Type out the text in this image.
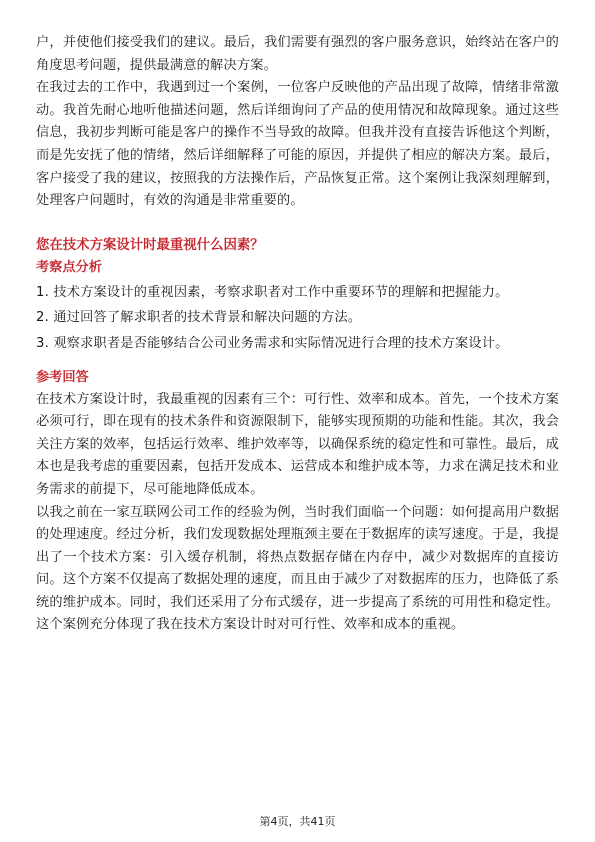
户，并使他们接受我们的建议。最后，我们需要有强烈的客户服务意识，始终站在客户的角度思考问题，提供最满意的解决方案。

在我过去的工作中，我遇到过一个案例，一位客户反映他的产品出现了故障，情绪非常激动。我首先耐心地听他描述问题，然后详细询问了产品的使用情况和故障现象。通过这些信息，我初步判断可能是客户的操作不当导致的故障。但我并没有直接告诉他这个判断，而是先安抚了他的情绪，然后详细解释了可能的原因，并提供了相应的解决方案。最后，客户接受了我的建议，按照我的方法操作后，产品恢复正常。这个案例让我深刻理解到，处理客户问题时，有效的沟通是非常重要的。

您在技术方案设计时最重视什么因素？

考察点分析

1. 技术方案设计的重视因素，考察求职者对工作中重要环节的理解和把握能力。

2. 通过回答了解求职者的技术背景和解决问题的方法。

3. 观察求职者是否能够结合公司业务需求和实际情况进行合理的技术方案设计。

参考回答

在技术方案设计时，我最重视的因素有三个：可行性、效率和成本。首先，一个技术方案必须可行，即在现有的技术条件和资源限制下，能够实现预期的功能和性能。其次，我会关注方案的效率，包括运行效率、维护效率等，以确保系统的稳定性和可靠性。最后，成本也是我考虑的重要因素，包括开发成本、运营成本和维护成本等，力求在满足技术和业务需求的前提下，尽可能地降低成本。

以我之前在一家互联网公司工作的经验为例，当时我们面临一个问题：如何提高用户数据的处理速度。经过分析，我们发现数据处理瓶颈主要在于数据库的读写速度。于是，我提出了一个技术方案：引入缓存机制，将热点数据存储在内存中，减少对数据库的直接访问。这个方案不仅提高了数据处理的速度，而且由于减少了对数据库的压力，也降低了系统的维护成本。同时，我们还采用了分布式缓存，进一步提高了系统的可用性和稳定性。这个案例充分体现了我在技术方案设计时对可行性、效率和成本的重视。

第4页，共41页
